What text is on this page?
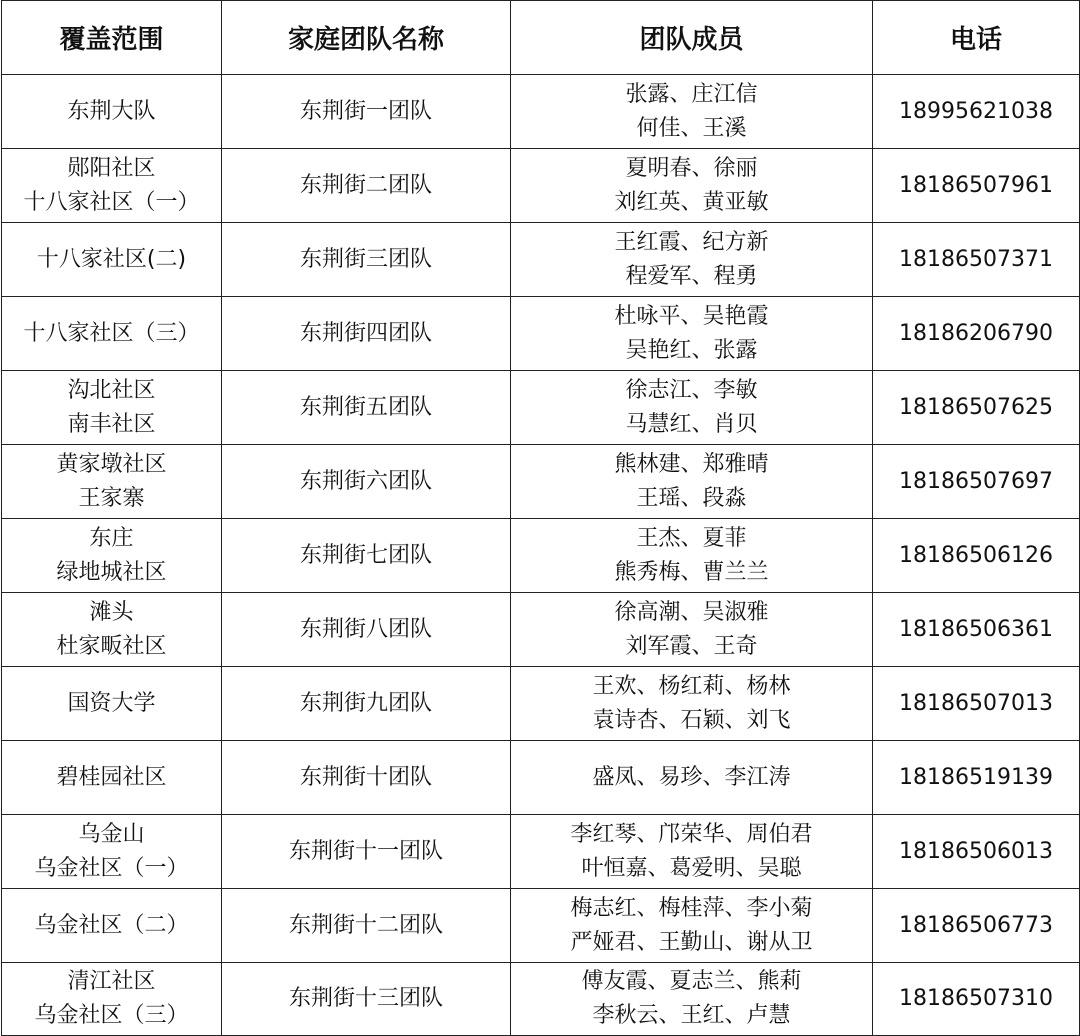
覆盖范围	家庭团队名称	团队成员	电话

东荆大队	东荆街一团队	张露、庄江信
何佳、王溪	18995621038

郧阳社区
十八家社区（一）	东荆街二团队	夏明春、徐丽
刘红英、黄亚敏	18186507961

十八家社区(二)	东荆街三团队	王红霞、纪方新
程爱军、程勇	18186507371

十八家社区（三）	东荆街四团队	杜咏平、吴艳霞
吴艳红、张露	18186206790

沟北社区
南丰社区	东荆街五团队	徐志江、李敏
马慧红、肖贝	18186507625

黄家墩社区
王家寨	东荆街六团队	熊林建、郑雅晴
王瑶、段淼	18186507697

东庄
绿地城社区	东荆街七团队	王杰、夏菲
熊秀梅、曹兰兰	18186506126

滩头
杜家畈社区	东荆街八团队	徐高潮、吴淑雅
刘军霞、王奇	18186506361

国资大学	东荆街九团队	王欢、杨红莉、杨林
袁诗杏、石颖、刘飞	18186507013

碧桂园社区	东荆街十团队	盛凤、易珍、李江涛	18186519139

乌金山
乌金社区（一）	东荆街十一团队	李红琴、邝荣华、周伯君
叶恒嘉、葛爱明、吴聪	18186506013

乌金社区（二）	东荆街十二团队	梅志红、梅桂萍、李小菊
严娅君、王勤山、谢从卫	18186506773

清江社区
乌金社区（三）	东荆街十三团队	傅友霞、夏志兰、熊莉
李秋云、王红、卢慧	18186507310
